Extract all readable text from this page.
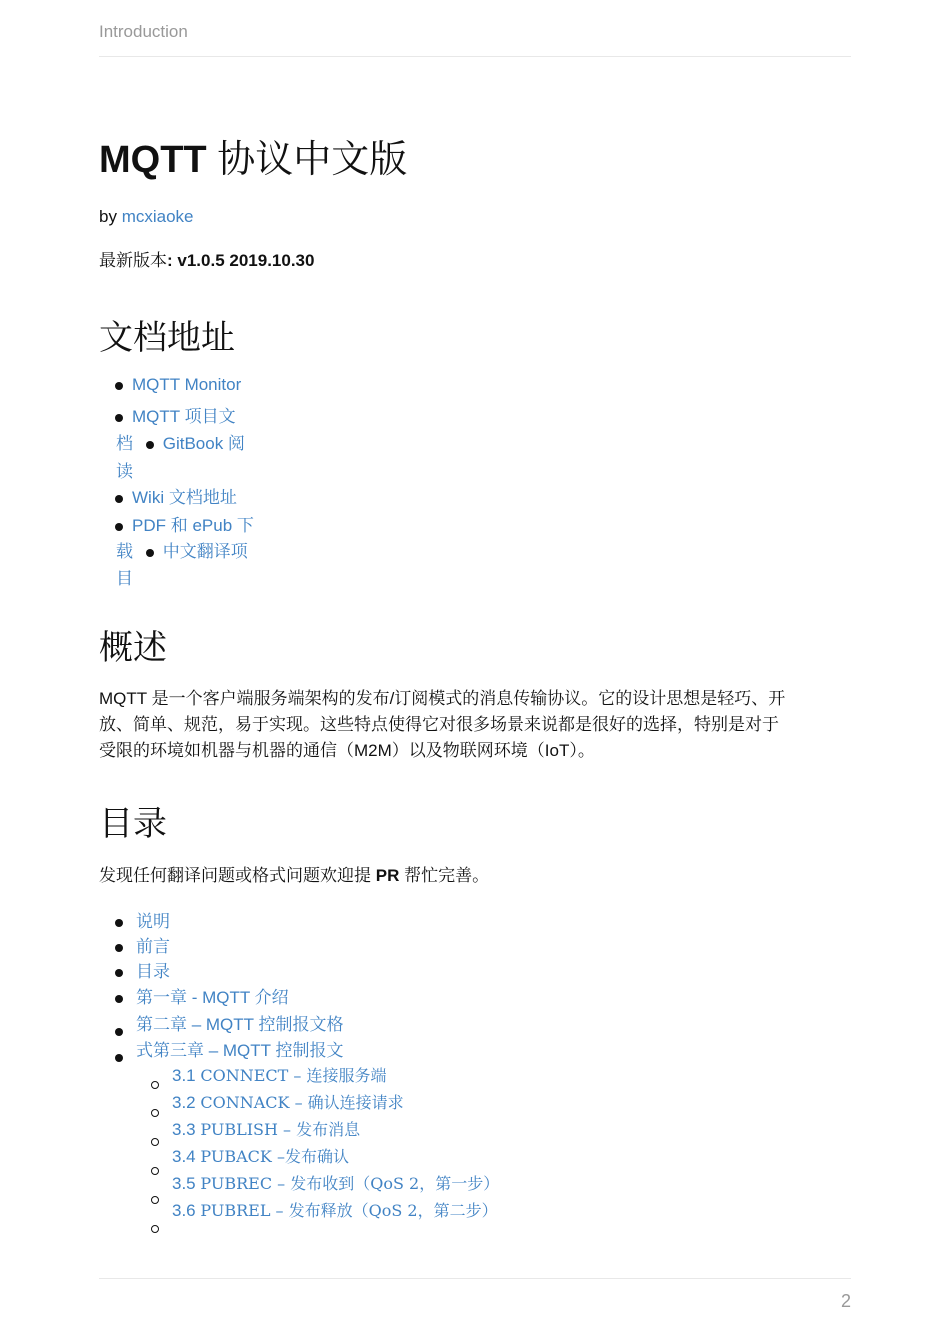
Introduction
MQTT 协议中文版
by mcxiaoke
最新版本: v1.0.5 2019.10.30
文档地址
MQTT Monitor
MQTT 项目文
档 GitBook 阅
读
Wiki 文档地址
PDF 和 ePub 下
载 中文翻译项
目
概述
MQTT 是一个客户端服务端架构的发布/订阅模式的消息传输协议。它的设计思想是轻巧、开
放、简单、规范，易于实现。这些特点使得它对很多场景来说都是很好的选择，特别是对于
受限的环境如机器与机器的通信（M2M）以及物联网环境（IoT）。
目录
发现任何翻译问题或格式问题欢迎提 PR 帮忙完善。
说明
前言
目录
第一章 - MQTT 介绍
第二章 – MQTT 控制报文格
式第三章 – MQTT 控制报文
3.1 CONNECT – 连接服务端
3.2 CONNACK – 确认连接请求
3.3 PUBLISH – 发布消息
3.4 PUBACK –发布确认
3.5 PUBREC – 发布收到（QoS 2，第一步）
3.6 PUBREL – 发布释放（QoS 2，第二步）
2
